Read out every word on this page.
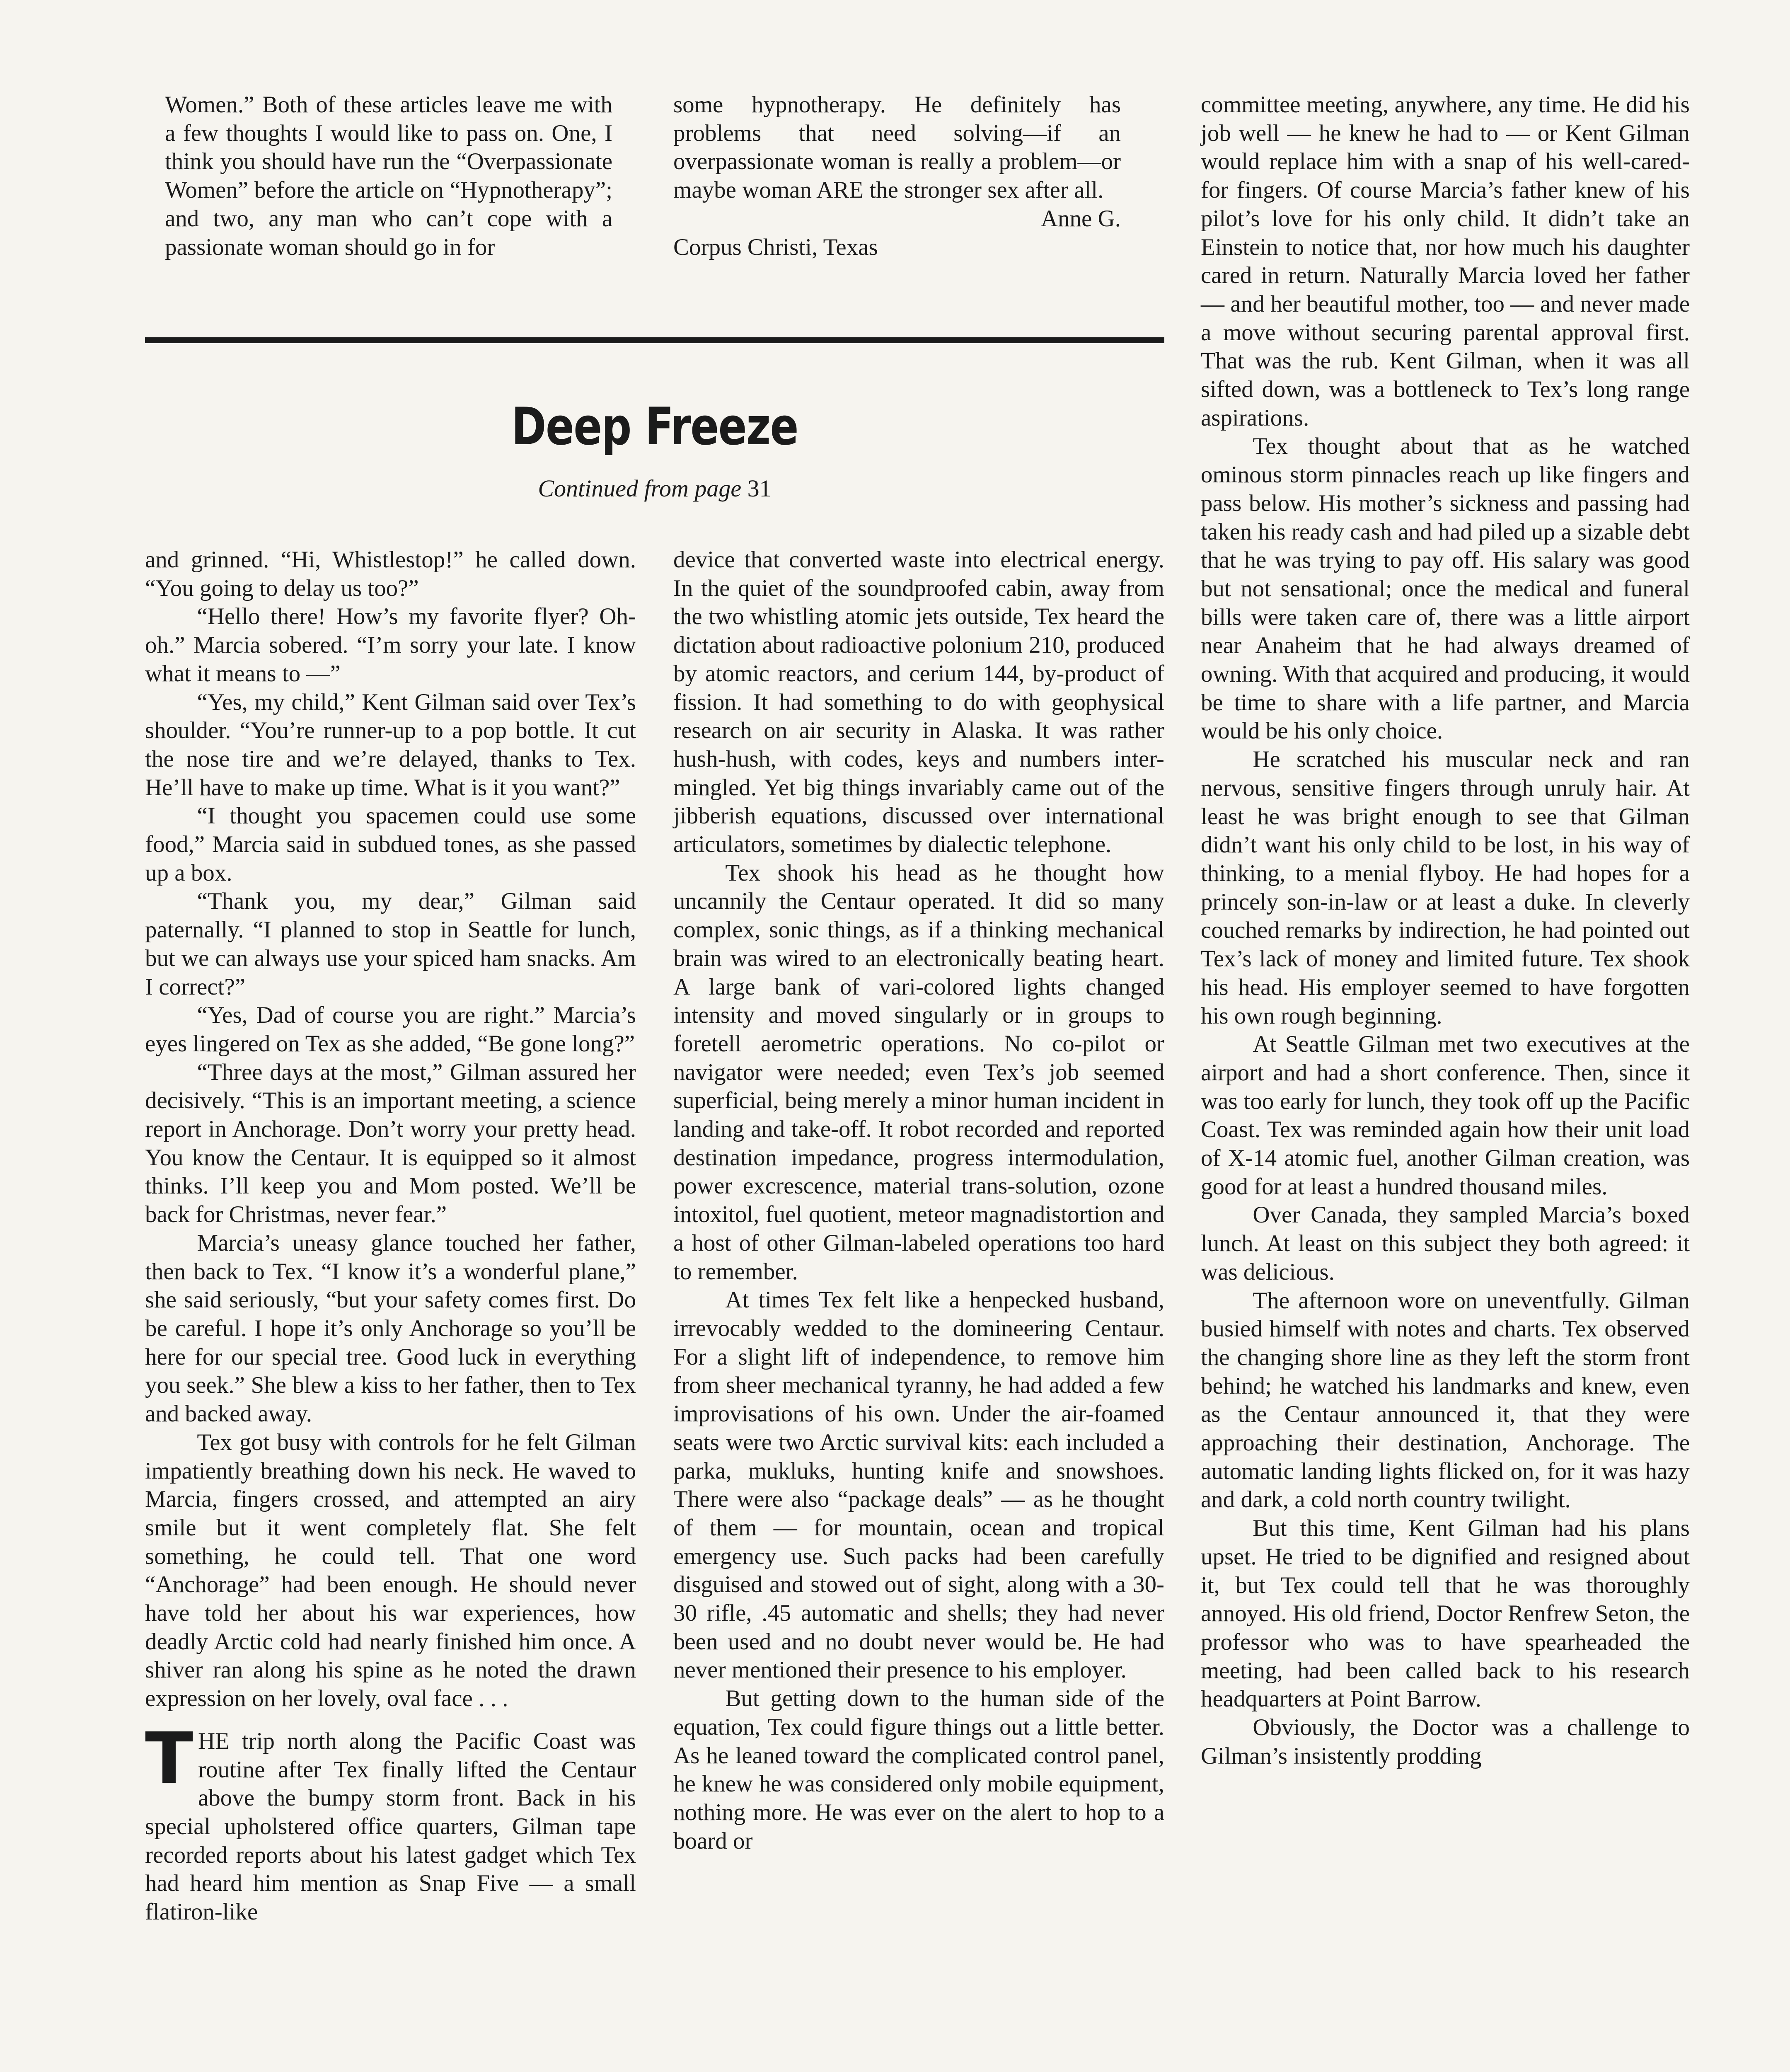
Women.” Both of these articles leave me with a few thoughts I would like to pass on. One, I think you should have run the “Overpassionate Women” before the article on “Hypnotherapy”; and two, any man who can’t cope with a passionate woman should go in for

some hypnotherapy. He definitely has problems that need solving—if an overpassionate woman is really a problem—or maybe woman ARE the stronger sex after all.

Anne G.

Corpus Christi, Texas

Deep Freeze
Continued from page 31

and grinned. “Hi, Whistlestop!” he called down. “You going to delay us too?”

“Hello there! How’s my favorite flyer? Oh-oh.” Marcia sobered. “I’m sorry your late. I know what it means to —”

“Yes, my child,” Kent Gilman said over Tex’s shoulder. “You’re runner-up to a pop bottle. It cut the nose tire and we’re delayed, thanks to Tex. He’ll have to make up time. What is it you want?”

“I thought you spacemen could use some food,” Marcia said in subdued tones, as she passed up a box.

“Thank you, my dear,” Gilman said paternally. “I planned to stop in Seattle for lunch, but we can always use your spiced ham snacks. Am I correct?”

“Yes, Dad of course you are right.” Marcia’s eyes lingered on Tex as she added, “Be gone long?”

“Three days at the most,” Gilman assured her decisively. “This is an important meeting, a science report in Anchorage. Don’t worry your pretty head. You know the Centaur. It is equipped so it almost thinks. I’ll keep you and Mom posted. We’ll be back for Christmas, never fear.”

Marcia’s uneasy glance touched her father, then back to Tex. “I know it’s a wonderful plane,” she said seriously, “but your safety comes first. Do be careful. I hope it’s only Anchorage so you’ll be here for our special tree. Good luck in everything you seek.” She blew a kiss to her father, then to Tex and backed away.

Tex got busy with controls for he felt Gilman impatiently breathing down his neck. He waved to Marcia, fingers crossed, and attempted an airy smile but it went completely flat. She felt something, he could tell. That one word “Anchorage” had been enough. He should never have told her about his war experiences, how deadly Arctic cold had nearly finished him once. A shiver ran along his spine as he noted the drawn expression on her lovely, oval face . . .

THE trip north along the Pacific Coast was routine after Tex finally lifted the Centaur above the bumpy storm front. Back in his special upholstered office quarters, Gilman tape recorded reports about his latest gadget which Tex had heard him mention as Snap Five — a small flatiron-like

device that converted waste into electrical energy. In the quiet of the soundproofed cabin, away from the two whistling atomic jets outside, Tex heard the dictation about radioactive polonium 210, produced by atomic reactors, and cerium 144, by-product of fission. It had something to do with geophysical research on air security in Alaska. It was rather hush-hush, with codes, keys and numbers inter-mingled. Yet big things invariably came out of the jibberish equations, discussed over international articulators, sometimes by dialectic telephone.

Tex shook his head as he thought how uncannily the Centaur operated. It did so many complex, sonic things, as if a thinking mechanical brain was wired to an electronically beating heart. A large bank of vari-colored lights changed intensity and moved singularly or in groups to foretell aerometric operations. No co-pilot or navigator were needed; even Tex’s job seemed superficial, being merely a minor human incident in landing and take-off. It robot recorded and reported destination impedance, progress intermodulation, power excrescence, material trans-solution, ozone intoxitol, fuel quotient, meteor magnadistortion and a host of other Gilman-labeled operations too hard to remember.

At times Tex felt like a henpecked husband, irrevocably wedded to the domineering Centaur. For a slight lift of independence, to remove him from sheer mechanical tyranny, he had added a few improvisations of his own. Under the air-foamed seats were two Arctic survival kits: each included a parka, mukluks, hunting knife and snowshoes. There were also “package deals” — as he thought of them — for mountain, ocean and tropical emergency use. Such packs had been carefully disguised and stowed out of sight, along with a 30-30 rifle, .45 automatic and shells; they had never been used and no doubt never would be. He had never mentioned their presence to his employer.

But getting down to the human side of the equation, Tex could figure things out a little better. As he leaned toward the complicated control panel, he knew he was considered only mobile equipment, nothing more. He was ever on the alert to hop to a board or

committee meeting, anywhere, any time. He did his job well — he knew he had to — or Kent Gilman would replace him with a snap of his well-cared-for fingers. Of course Marcia’s father knew of his pilot’s love for his only child. It didn’t take an Einstein to notice that, nor how much his daughter cared in return. Naturally Marcia loved her father — and her beautiful mother, too — and never made a move without securing parental approval first. That was the rub. Kent Gilman, when it was all sifted down, was a bottleneck to Tex’s long range aspirations.

Tex thought about that as he watched ominous storm pinnacles reach up like fingers and pass below. His mother’s sickness and passing had taken his ready cash and had piled up a sizable debt that he was trying to pay off. His salary was good but not sensational; once the medical and funeral bills were taken care of, there was a little airport near Anaheim that he had always dreamed of owning. With that acquired and producing, it would be time to share with a life partner, and Marcia would be his only choice.

He scratched his muscular neck and ran nervous, sensitive fingers through unruly hair. At least he was bright enough to see that Gilman didn’t want his only child to be lost, in his way of thinking, to a menial flyboy. He had hopes for a princely son-in-law or at least a duke. In cleverly couched remarks by indirection, he had pointed out Tex’s lack of money and limited future. Tex shook his head. His employer seemed to have forgotten his own rough beginning.

At Seattle Gilman met two executives at the airport and had a short conference. Then, since it was too early for lunch, they took off up the Pacific Coast. Tex was reminded again how their unit load of X-14 atomic fuel, another Gilman creation, was good for at least a hundred thousand miles.

Over Canada, they sampled Marcia’s boxed lunch. At least on this subject they both agreed: it was delicious.

The afternoon wore on uneventfully. Gilman busied himself with notes and charts. Tex observed the changing shore line as they left the storm front behind; he watched his landmarks and knew, even as the Centaur announced it, that they were approaching their destination, Anchorage. The automatic landing lights flicked on, for it was hazy and dark, a cold north country twilight.

But this time, Kent Gilman had his plans upset. He tried to be dignified and resigned about it, but Tex could tell that he was thoroughly annoyed. His old friend, Doctor Renfrew Seton, the professor who was to have spearheaded the meeting, had been called back to his research headquarters at Point Barrow.

Obviously, the Doctor was a challenge to Gilman’s insistently prodding
